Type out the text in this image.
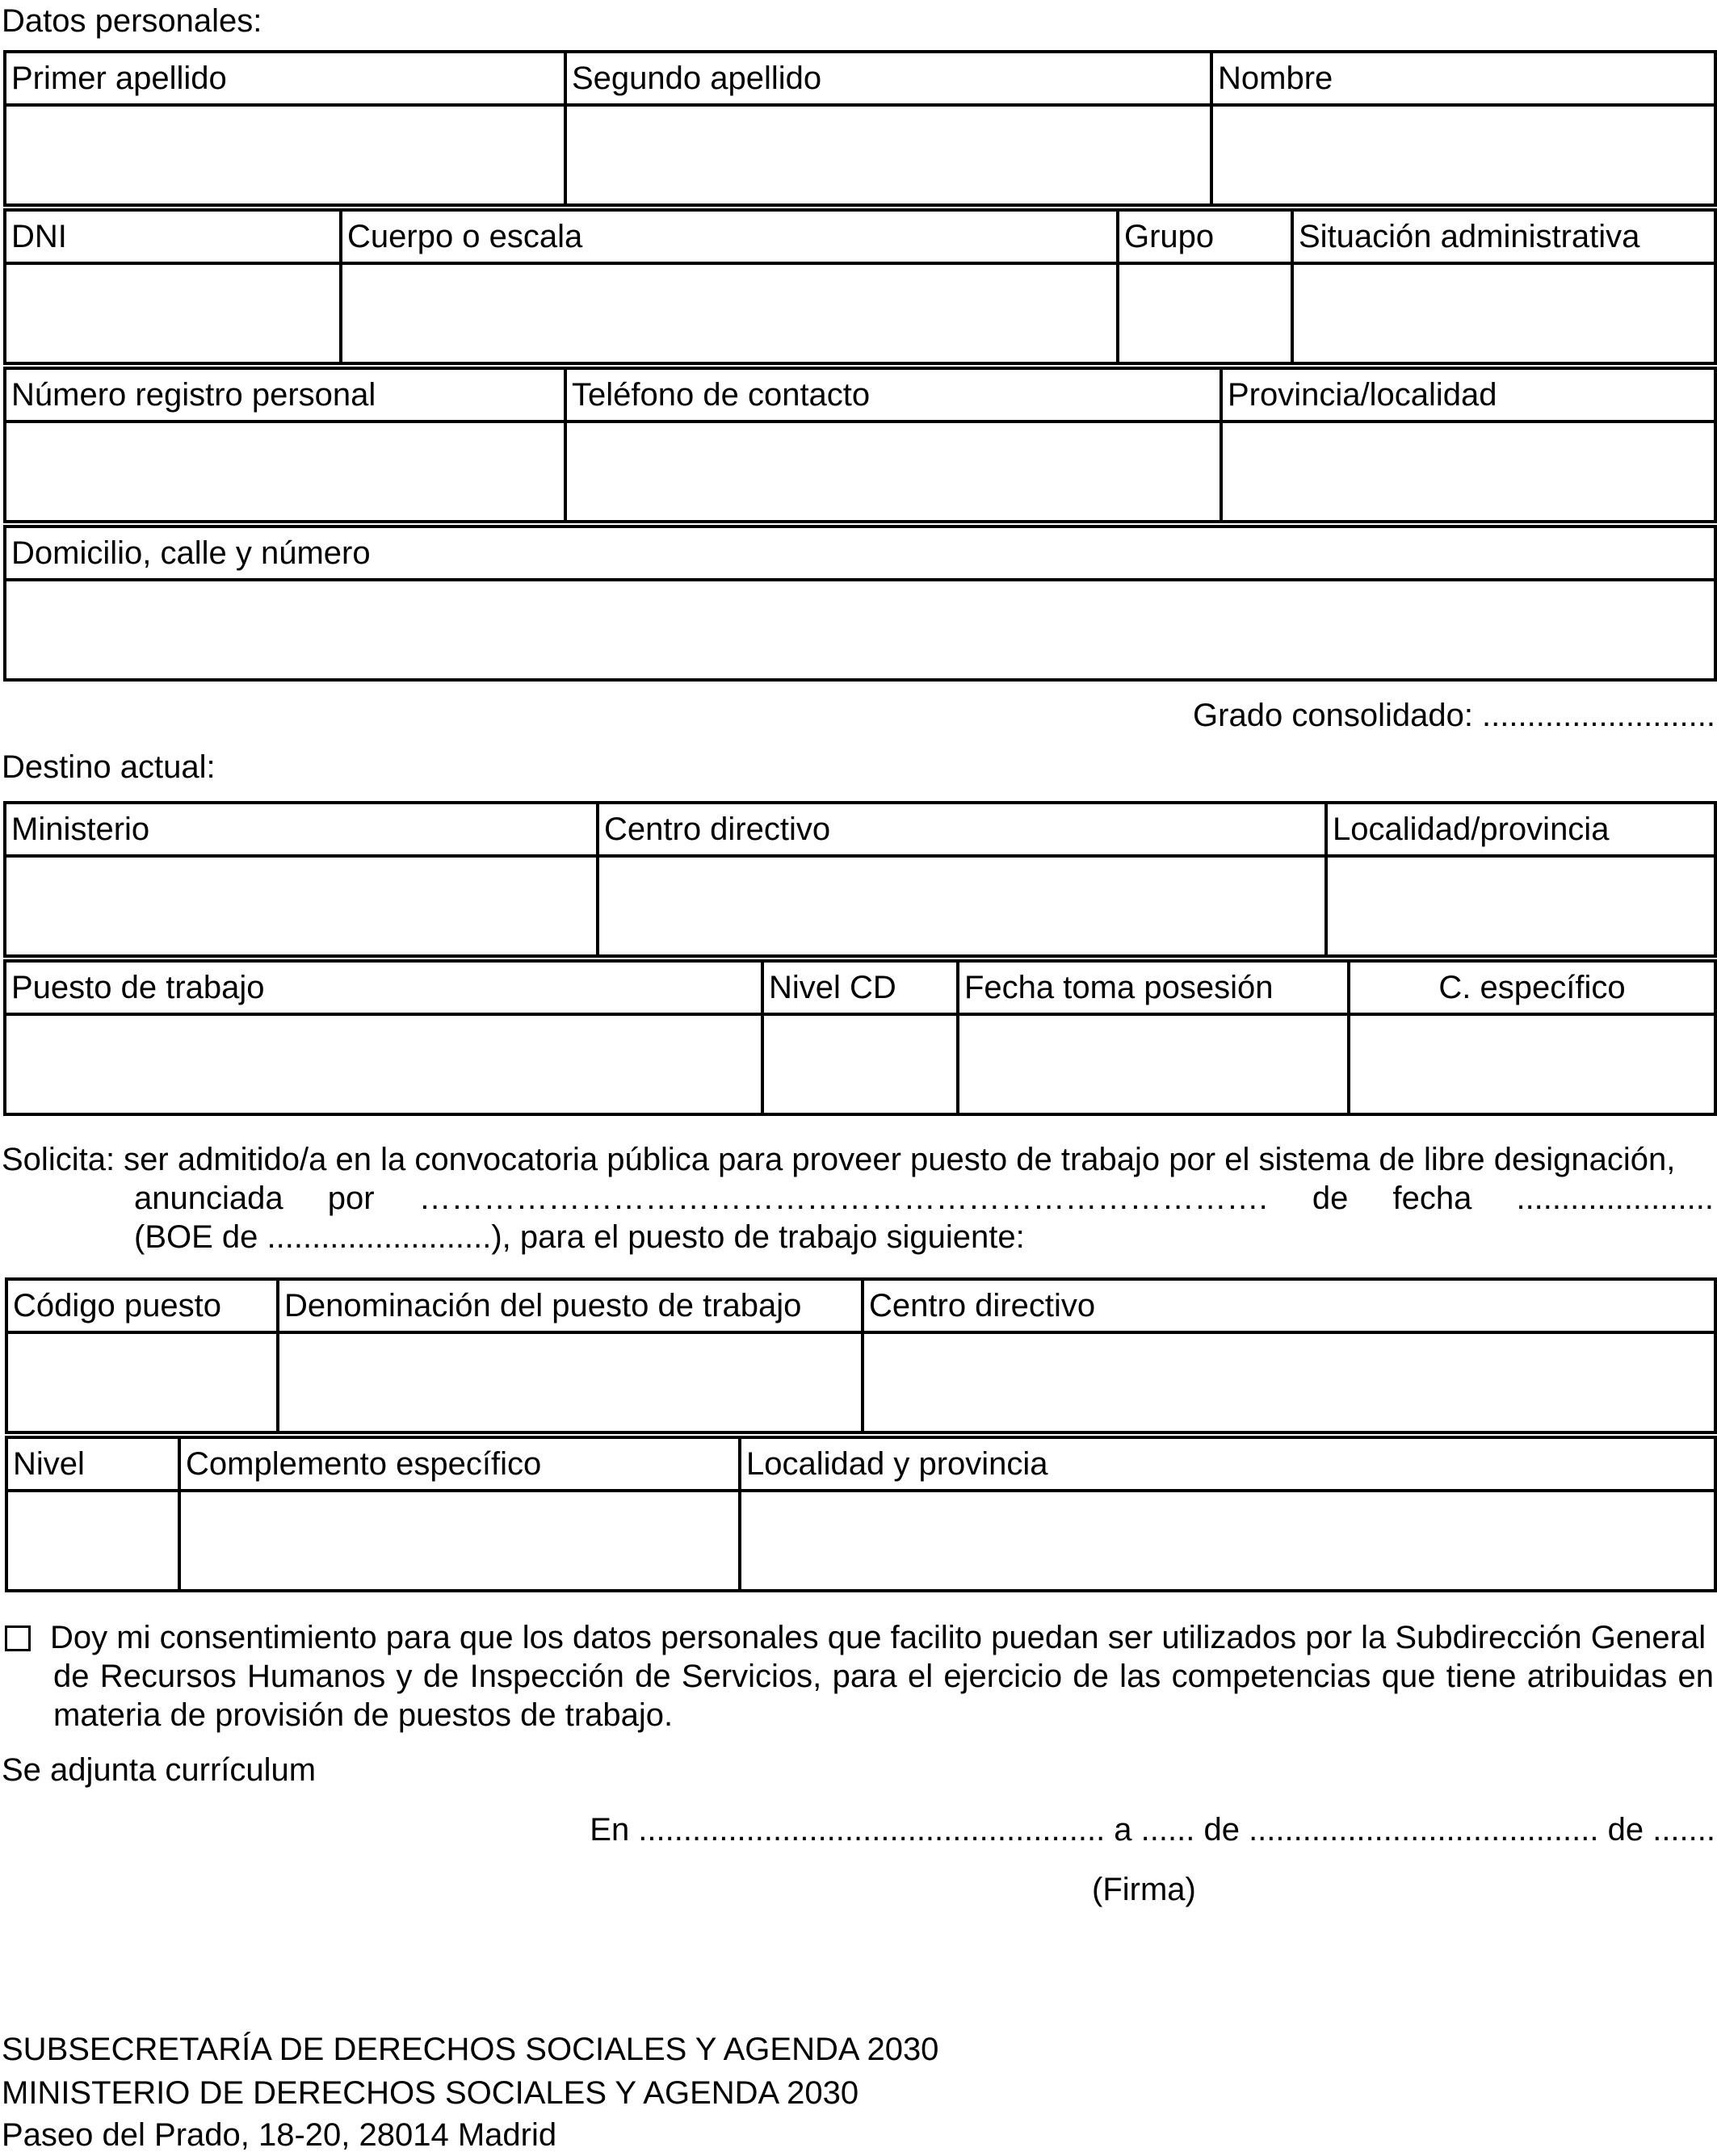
Datos personales:
Primer apellido	Segundo apellido	Nombre

DNI	Cuerpo o escala	Grupo	Situación administrativa

Número registro personal	Teléfono de contacto	Provincia/localidad

Domicilio, calle y número

Grado consolidado: ..........................
Destino actual:
Ministerio	Centro directivo	Localidad/provincia

Puesto de trabajo	Nivel CD	Fecha toma posesión	C. específico

Solicita: ser admitido/a en la convocatoria pública para proveer puesto de trabajo por el sistema de libre designación,
anunciada por ……………………………………………………………………. de fecha ......................
(BOE de .........................), para el puesto de trabajo siguiente:
Código puesto	Denominación del puesto de trabajo	Centro directivo

Nivel	Complemento específico	Localidad y provincia

Doy mi consentimiento para que los datos personales que facilito puedan ser utilizados por la Subdirección General
de Recursos Humanos y de Inspección de Servicios, para el ejercicio de las competencias que tiene atribuidas en
materia de provisión de puestos de trabajo.
Se adjunta currículum
En .................................................... a ...... de ....................................... de .......
(Firma)
SUBSECRETARÍA DE DERECHOS SOCIALES Y AGENDA 2030
MINISTERIO DE DERECHOS SOCIALES Y AGENDA 2030
Paseo del Prado, 18-20, 28014 Madrid
